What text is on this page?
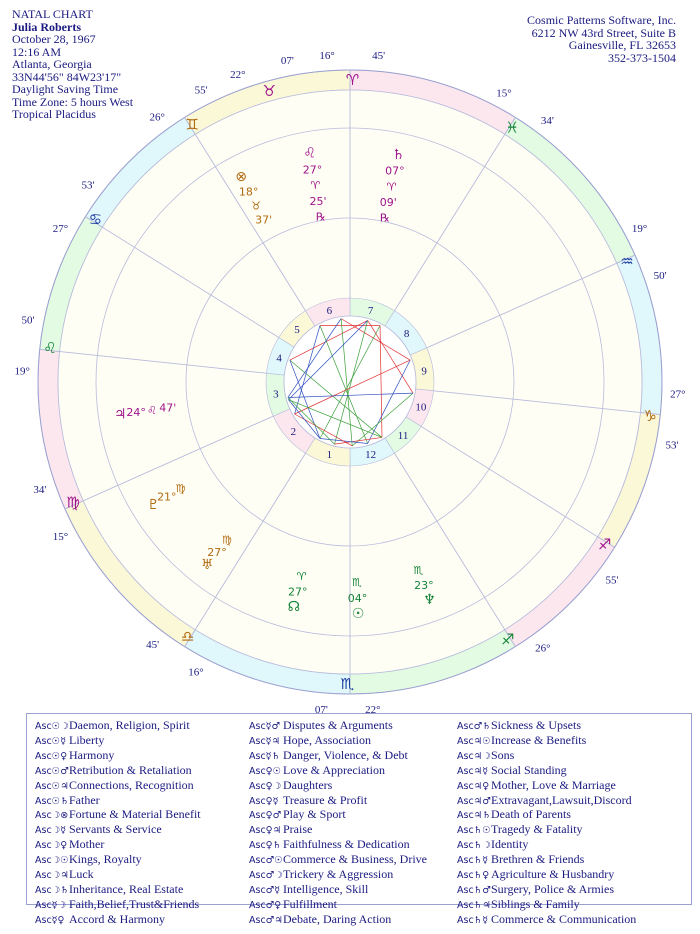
NATAL CHART
Julia Roberts
October 28, 1967
12:16 AM
Atlanta, Georgia
33N44'56" 84W23'17"
Daylight Saving Time
Time Zone: 5 hours West
Tropical Placidus
Cosmic Patterns Software, Inc.
6212 NW 43rd Street, Suite B
Gainesville, FL 32653
352-373-1504
♈
16°	45'
♓
15°
34'
♒
19°
50'
♑
27°
53'
♐
55'
♐ 26°
♏
22°
07'
♎
16°
45'
♍
15°
34'
♌
19°
50'
♋
27°
53'
♊
26°
55'	♉
22°
07'
♌
27°
♈
25'
℞
♄
07°
♈
09'
℞
⊗
18°
♉
37'
♃ 24° ♌ 47'
♅
27°
♍
♆
23°
♏
☊
27°
♈
☉
04°
♏
♇
21°
♍
1
2
3
4
5
6	7
8
9
10
11
12
Asc☉☽Daemon, Religion, Spirit
Asc☉☿ Liberty
Asc☉♀ Harmony
Asc☉♂Retribution & Retaliation
Asc☉♃Connections, Recognition
Asc☉♄Father
Asc☽⊗Fortune & Material Benefit
Asc☽☿ Servants & Service
Asc☽♀ Mother
Asc☽☉Kings, Royalty
Asc☽♃Luck
Asc☽♄Inheritance, Real Estate
Asc☿☽ Faith,Belief,Trust&Friends
Asc☿♀ Accord & Harmony
Asc☿♂ Disputes & Arguments
Asc☿♃ Hope, Association
Asc☿♄ Danger, Violence, & Debt
Asc♀☉ Love & Appreciation
Asc♀☽ Daughters
Asc♀☿ Treasure & Profit
Asc♀♂ Play & Sport
Asc♀♃ Praise
Asc♀♄ Faithfulness & Dedication
Asc♂☉Commerce & Business, Drive
Asc♂☽Trickery & Aggression
Asc♂☿ Intelligence, Skill
Asc♂♀ Fulfillment
Asc♂♃Debate, Daring Action
Asc♂♄Sickness & Upsets
Asc♃☉Increase & Benefits
Asc♃☽Sons
Asc♃☿ Social Standing
Asc♃♀ Mother, Love & Marriage
Asc♃♂Extravagant,Lawsuit,Discord
Asc♃♄Death of Parents
Asc♄☉Tragedy & Fatality
Asc♄☽Identity
Asc♄☿ Brethren & Friends
Asc♄♀ Agriculture & Husbandry
Asc♄♂Surgery, Police & Armies
Asc♄♃Siblings & Family
Asc♄☿ Commerce & Communication
